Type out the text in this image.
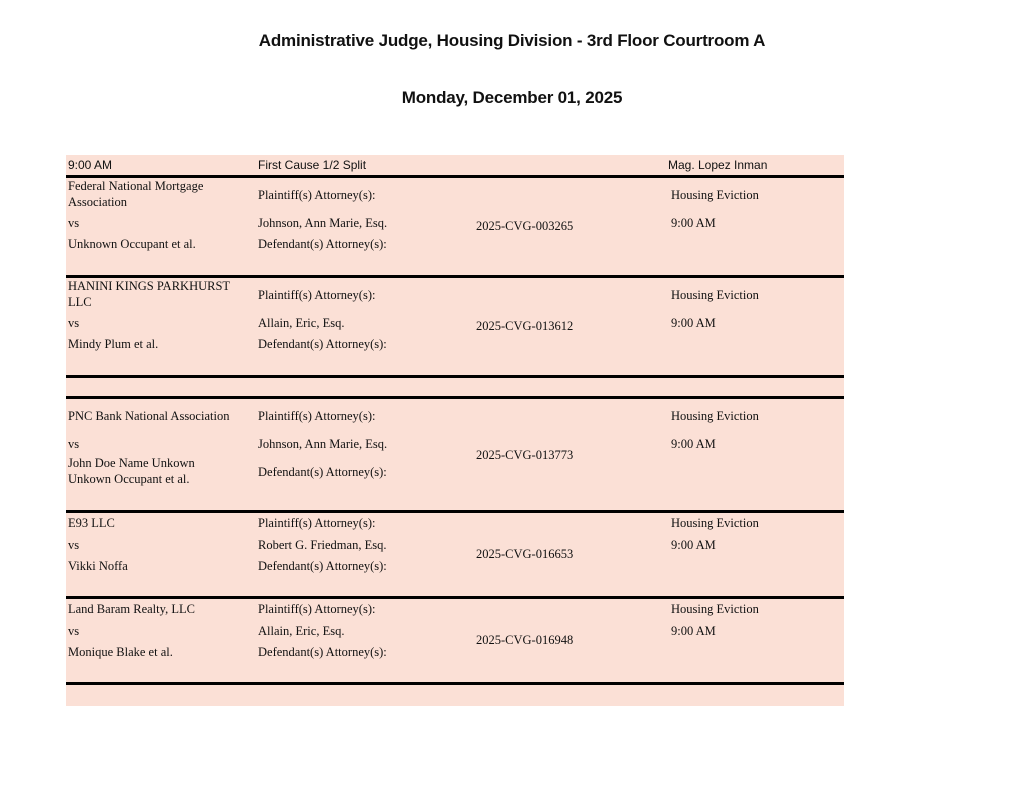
Administrative Judge, Housing Division - 3rd Floor Courtroom A
Monday, December 01, 2025
9:00 AM	First Cause 1/2 Split	Mag. Lopez Inman
Federal National Mortgage Association
vs
Unknown Occupant et al.
Plaintiff(s) Attorney(s):
Johnson, Ann Marie, Esq.
Defendant(s) Attorney(s):
2025-CVG-003265
Housing Eviction
9:00 AM
HANINI KINGS PARKHURST LLC
vs
Mindy Plum et al.
Plaintiff(s) Attorney(s):
Allain, Eric, Esq.
Defendant(s) Attorney(s):
2025-CVG-013612
Housing Eviction
9:00 AM
PNC Bank National Association
vs
John Doe Name Unkown Unkown Occupant et al.
Plaintiff(s) Attorney(s):
Johnson, Ann Marie, Esq.
Defendant(s) Attorney(s):
2025-CVG-013773
Housing Eviction
9:00 AM
E93 LLC
vs
Vikki Noffa
Plaintiff(s) Attorney(s):
Robert G. Friedman, Esq.
Defendant(s) Attorney(s):
2025-CVG-016653
Housing Eviction
9:00 AM
Land Baram Realty, LLC
vs
Monique Blake et al.
Plaintiff(s) Attorney(s):
Allain, Eric, Esq.
Defendant(s) Attorney(s):
2025-CVG-016948
Housing Eviction
9:00 AM
